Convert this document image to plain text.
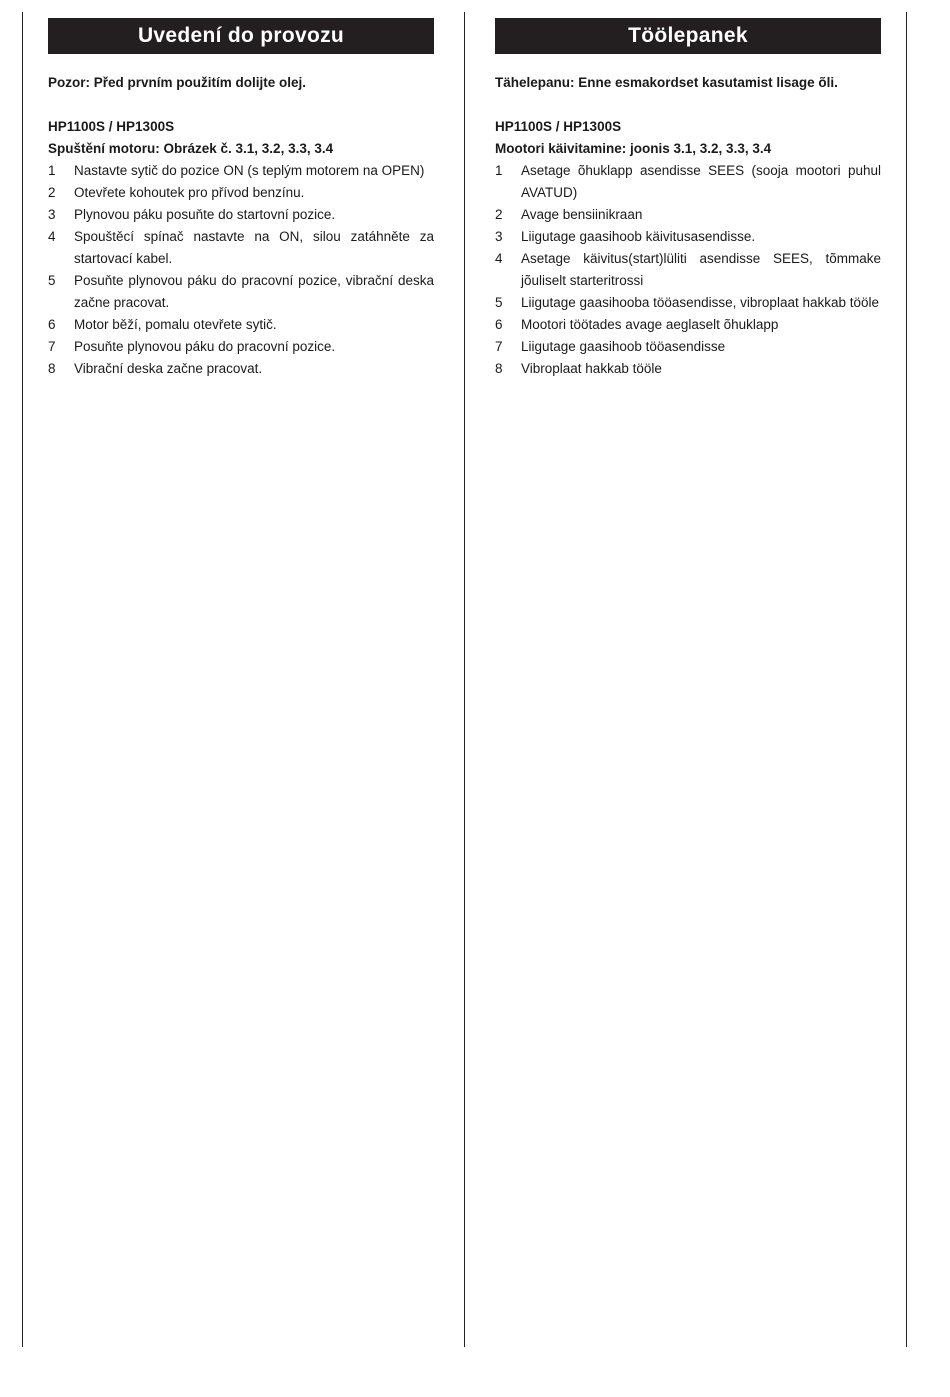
Uvedení do provozu
Pozor: Před prvním použitím dolijte olej.
HP1100S / HP1300S
Spuštění motoru: Obrázek č. 3.1, 3.2, 3.3, 3.4
1	Nastavte sytič do pozice ON (s teplým motorem na OPEN)
2	Otevřete kohoutek pro přívod benzínu.
3	Plynovou páku posuňte do startovní pozice.
4	Spouštěcí spínač nastavte na ON, silou zatáhněte za startovací kabel.
5	Posuňte plynovou páku do pracovní pozice, vibrační deska začne pracovat.
6	Motor běží, pomalu otevřete sytič.
7	Posuňte plynovou páku do pracovní pozice.
8	Vibrační deska začne pracovat.
Töölepanek
Tähelepanu: Enne esmakordset kasutamist lisage õli.
HP1100S / HP1300S
Mootori käivitamine: joonis 3.1, 3.2, 3.3, 3.4
1	Asetage õhuklapp asendisse SEES (sooja mootori puhul AVATUD)
2	Avage bensiinikraan
3	Liigutage gaasihoob käivitusasendisse.
4	Asetage käivitus(start)lüliti asendisse SEES, tõmmake jõuliselt starteritrossi
5	Liigutage gaasihooba tööasendisse, vibroplaat hakkab tööle
6	Mootori töötades avage aeglaselt õhuklapp
7	Liigutage gaasihoob tööasendisse
8	Vibroplaat hakkab tööle
